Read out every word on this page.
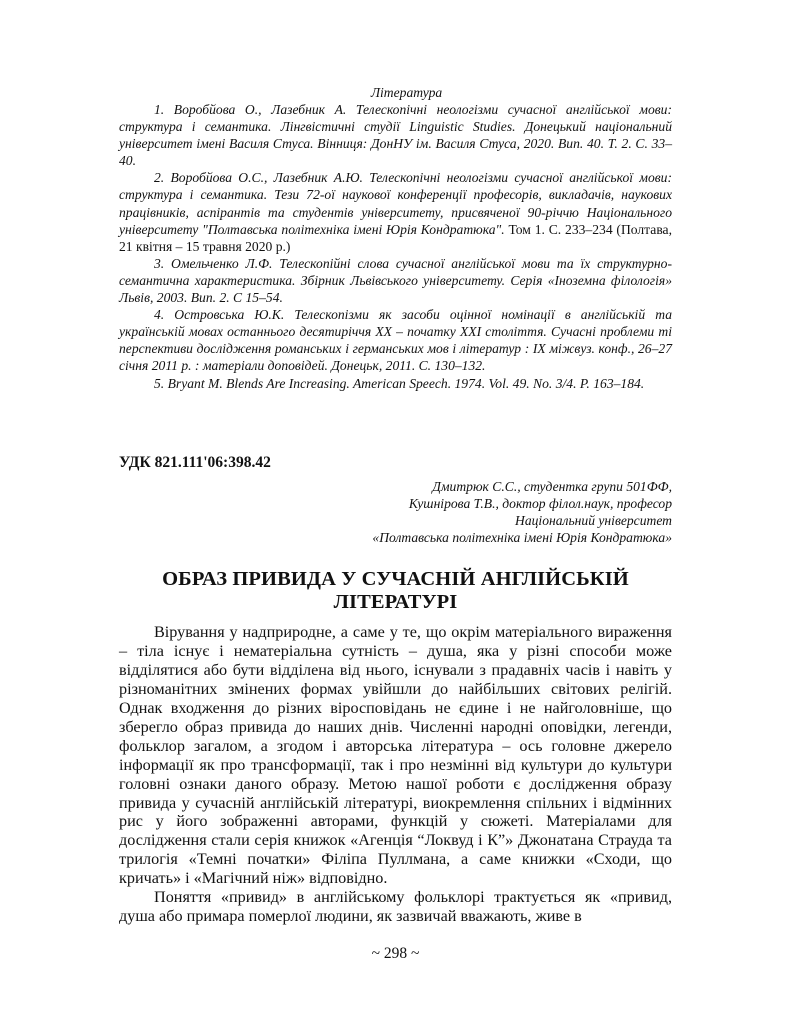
Література

1. Воробйова О., Лазебник А. Телескопічні неологізми сучасної англійської мови: структура і семантика. Лінгвістичні студії Linguistic Studies. Донецький національний університет імені Василя Стуса. Вінниця: ДонНУ ім. Василя Стуса, 2020. Вип. 40. Т. 2. С. 33–40.

2. Воробйова О.С., Лазебник А.Ю. Телескопічні неологізми сучасної англійської мови: структура і семантика. Тези 72-ої наукової конференції професорів, викладачів, наукових працівників, аспірантів та студентів університету, присвяченої 90-річчю Національного університету "Полтавська політехніка імені Юрія Кондратюка". Том 1. С. 233–234 (Полтава, 21 квітня – 15 травня 2020 р.)

3. Омельченко Л.Ф. Телескопійні слова сучасної англійської мови та їх структурно-семантична характеристика. Збірник Львівського університету. Серія «Іноземна філологія» Львів, 2003. Вип. 2. С 15–54.

4. Островська Ю.К. Телескопізми як засоби оцінної номінації в англійській та українській мовах останнього десятиріччя XX – початку XXI століття. Сучасні проблеми ті перспективи дослідження романських і германських мов і літератур : IX міжвуз. конф., 26–27 січня 2011 р. : матеріали доповідей. Донецьк, 2011. С. 130–132.

5. Bryant M. Blends Are Increasing. American Speech. 1974. Vol. 49. No. 3/4. P. 163–184.

УДК 821.111'06:398.42

Дмитрюк С.С., студентка групи 501ФФ,
Кушнірова Т.В., доктор філол.наук, професор
Національний університет
«Полтавська політехніка імені Юрія Кондратюка»
ОБРАЗ ПРИВИДА У СУЧАСНІЙ АНГЛІЙСЬКІЙ ЛІТЕРАТУРІ

Вірування у надприродне, а саме у те, що окрім матеріального вираження – тіла існує і нематеріальна сутність – душа, яка у різні способи може відділятися або бути відділена від нього, існували з прадавніх часів і навіть у різноманітних змінених формах увійшли до найбільших світових релігій. Однак входження до різних віросповідань не єдине і не найголовніше, що зберегло образ привида до наших днів. Численні народні оповідки, легенди, фольклор загалом, а згодом і авторська література – ось головне джерело інформації як про трансформації, так і про незмінні від культури до культури головні ознаки даного образу. Метою нашої роботи є дослідження образу привида у сучасній англійській літературі, виокремлення спільних і відмінних рис у його зображенні авторами, функцій у сюжеті. Матеріалами для дослідження стали серія книжок «Агенція “Локвуд і К”» Джонатана Страуда та трилогія «Темні початки» Філіпа Пуллмана, а саме книжки «Сходи, що кричать» і «Магічний ніж» відповідно.

Поняття «привид» в англійському фольклорі трактується як «привид, душа або примара померлої людини, як зазвичай вважають, живе в

~ 298 ~
